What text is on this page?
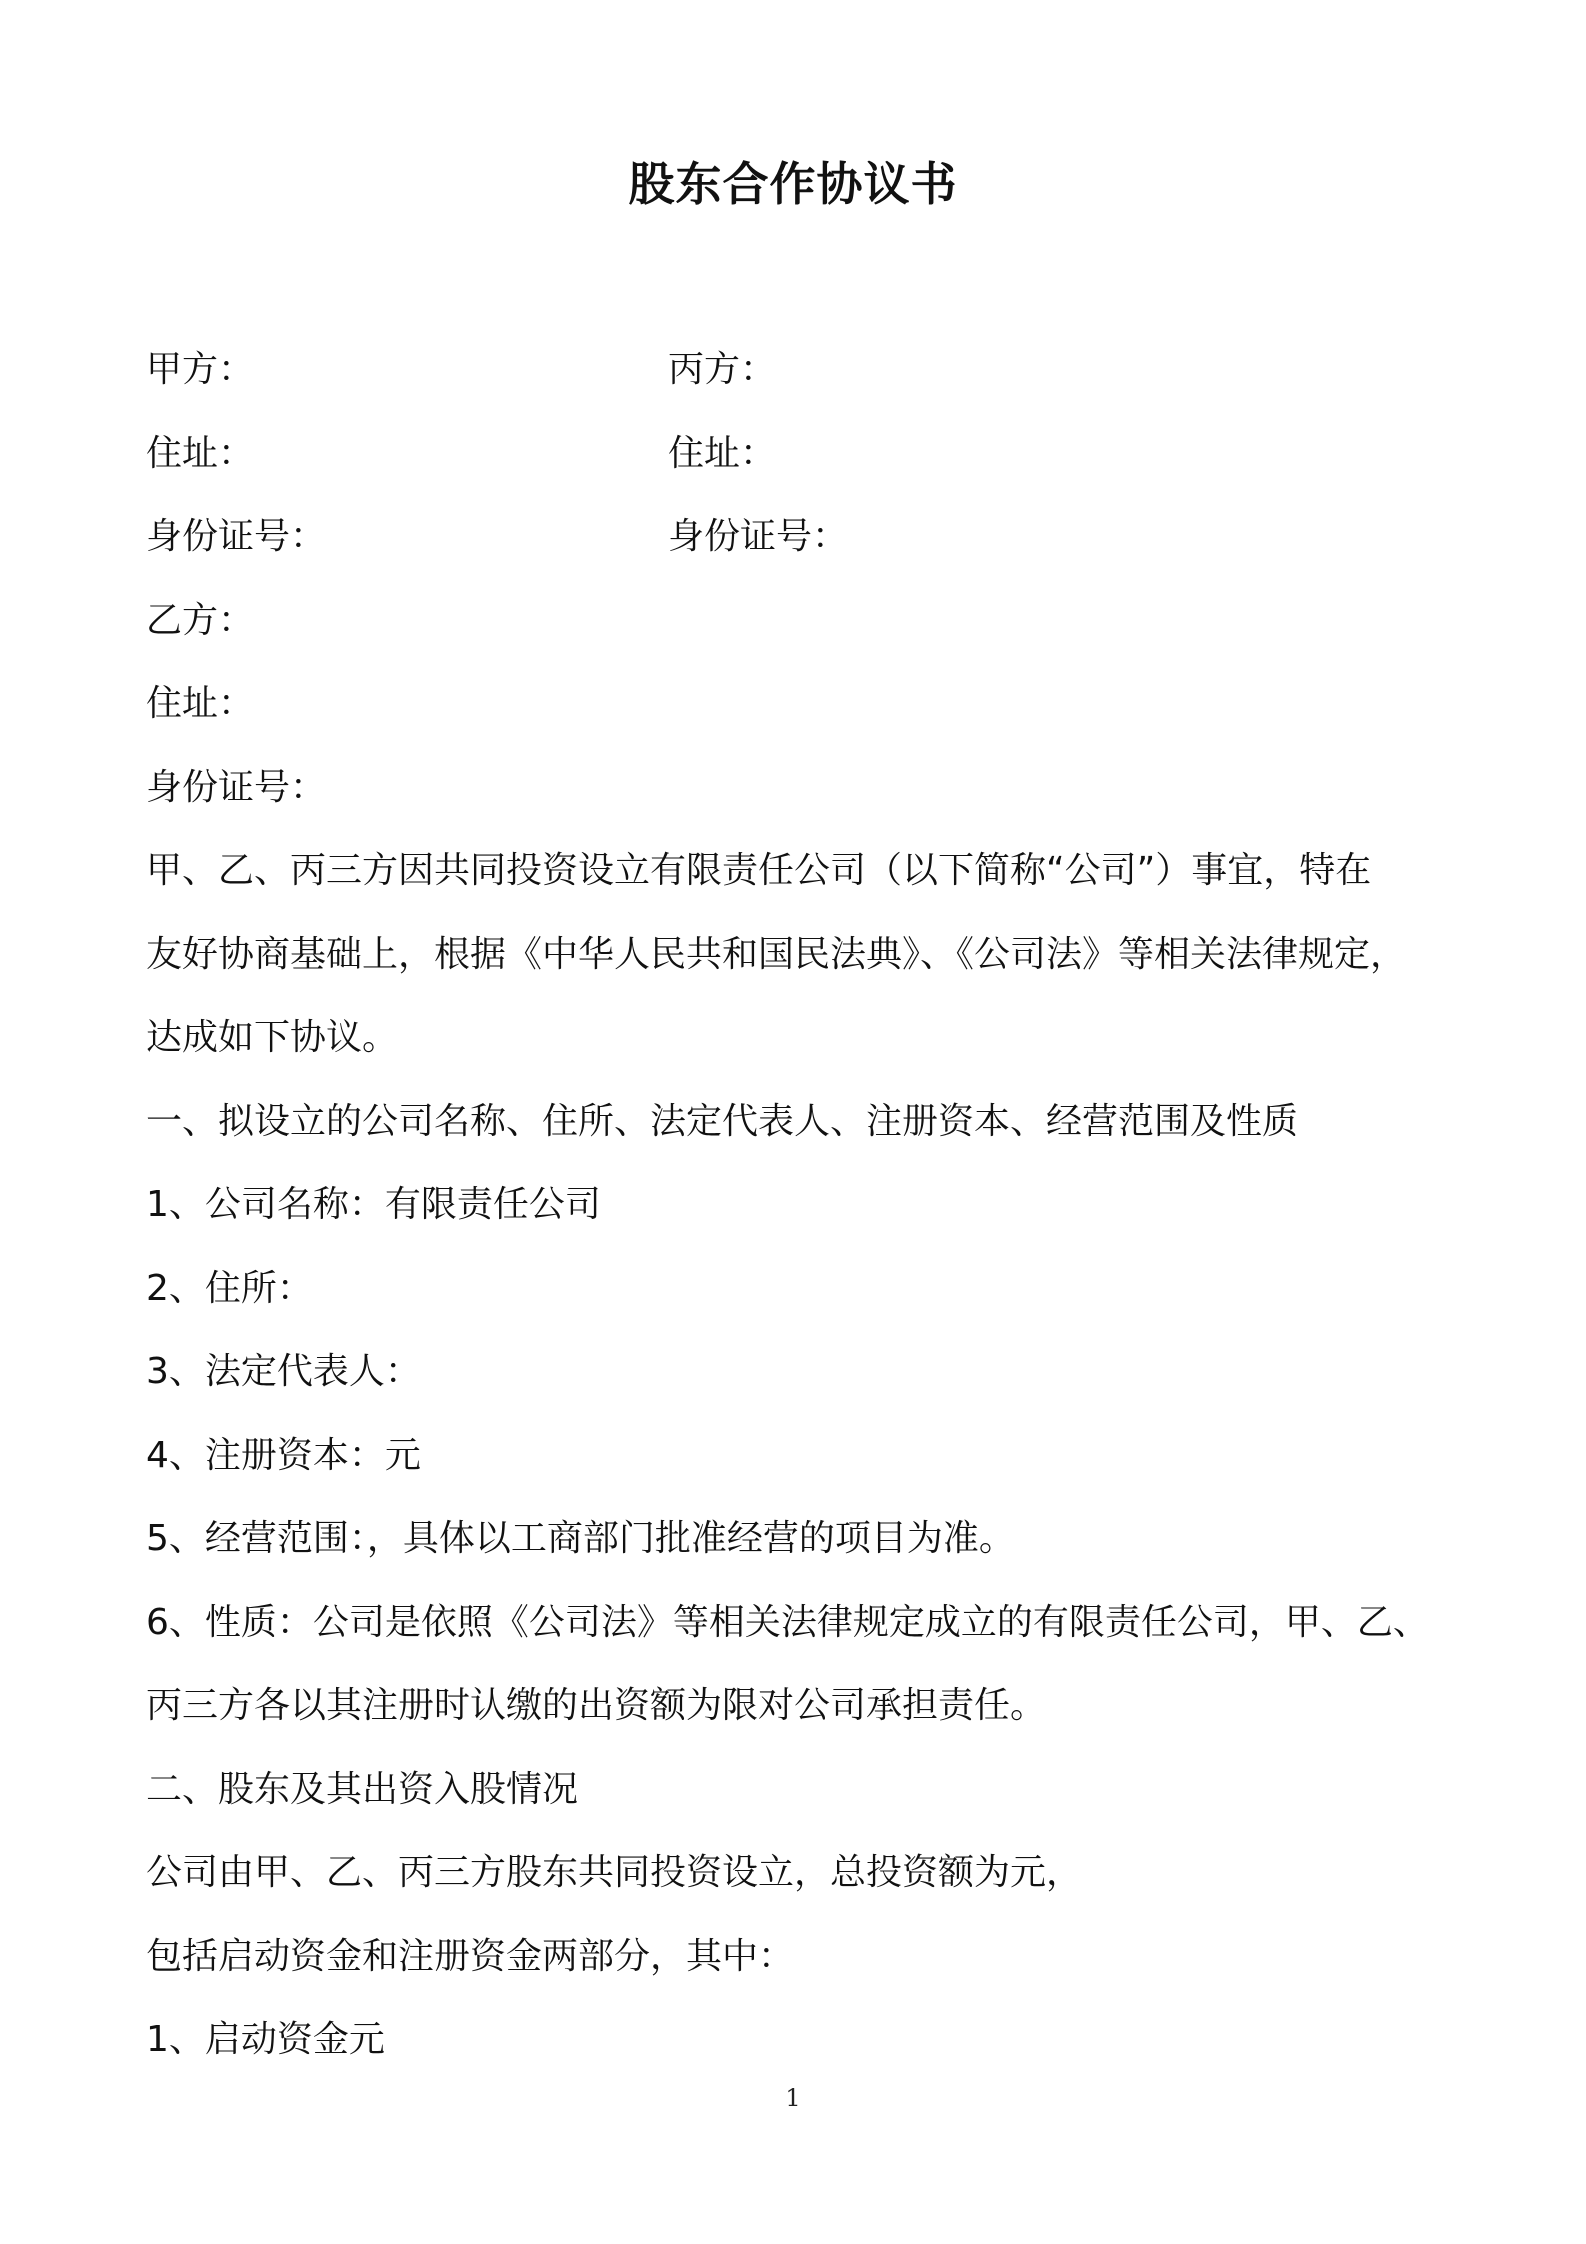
股东合作协议书
甲方：	丙方：
住址：	住址：
身份证号：	身份证号：
乙方：
住址：
身份证号：
甲、乙、丙三方因共同投资设立有限责任公司（以下简称“公司”）事宜，特在
友好协商基础上，根据《中华人民共和国民法典》、《公司法》等相关法律规定，
达成如下协议。
一、拟设立的公司名称、住所、法定代表人、注册资本、经营范围及性质
1、公司名称：有限责任公司
2、住所：
3、法定代表人：
4、注册资本：元
5、经营范围：，具体以工商部门批准经营的项目为准。
6、性质：公司是依照《公司法》等相关法律规定成立的有限责任公司，甲、乙、
丙三方各以其注册时认缴的出资额为限对公司承担责任。
二、股东及其出资入股情况
公司由甲、乙、丙三方股东共同投资设立，总投资额为元，
包括启动资金和注册资金两部分，其中：
1、启动资金元
1
